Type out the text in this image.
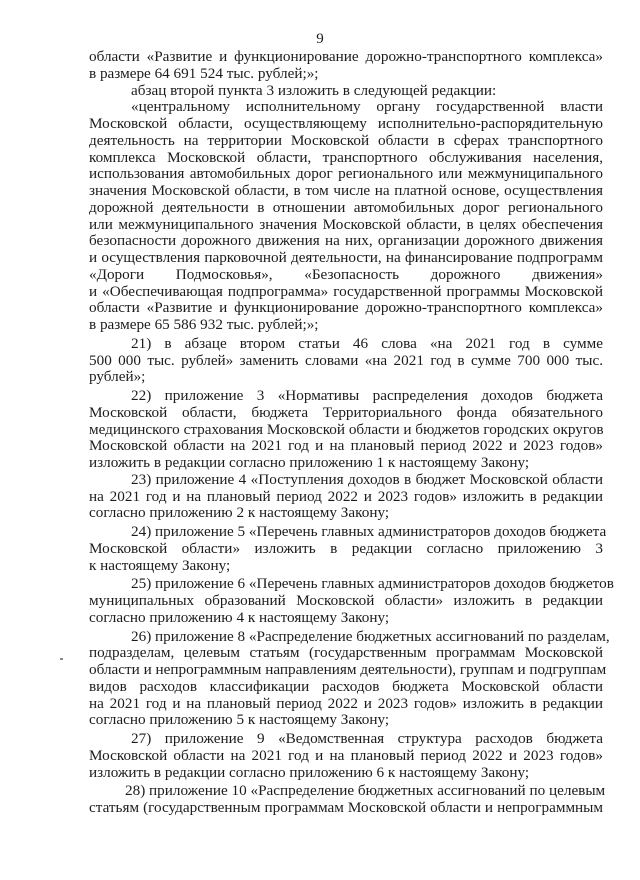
9
области «Развитие и функционирование дорожно-транспортного комплекса»
в размере 64 691 524 тыс. рублей;»;
абзац второй пункта 3 изложить в следующей редакции:
«центральному исполнительному органу государственной власти
Московской области, осуществляющему исполнительно-распорядительную
деятельность на территории Московской области в сферах транспортного
комплекса Московской области, транспортного обслуживания населения,
использования автомобильных дорог регионального или межмуниципального
значения Московской области, в том числе на платной основе, осуществления
дорожной деятельности в отношении автомобильных дорог регионального
или межмуниципального значения Московской области, в целях обеспечения
безопасности дорожного движения на них, организации дорожного движения
и осуществления парковочной деятельности, на финансирование подпрограмм
«Дороги Подмосковья», «Безопасность дорожного движения»
и «Обеспечивающая подпрограмма» государственной программы Московской
области «Развитие и функционирование дорожно-транспортного комплекса»
в размере 65 586 932 тыс. рублей;»;
21) в абзаце втором статьи 46 слова «на 2021 год в сумме
500 000 тыс. рублей» заменить словами «на 2021 год в сумме 700 000 тыс.
рублей»;
22) приложение 3 «Нормативы распределения доходов бюджета
Московской области, бюджета Территориального фонда обязательного
медицинского страхования Московской области и бюджетов городских округов
Московской области на 2021 год и на плановый период 2022 и 2023 годов»
изложить в редакции согласно приложению 1 к настоящему Закону;
23) приложение 4 «Поступления доходов в бюджет Московской области
на 2021 год и на плановый период 2022 и 2023 годов» изложить в редакции
согласно приложению 2 к настоящему Закону;
24) приложение 5 «Перечень главных администраторов доходов бюджета
Московской области» изложить в редакции согласно приложению 3
к настоящему Закону;
25) приложение 6 «Перечень главных администраторов доходов бюджетов
муниципальных образований Московской области» изложить в редакции
согласно приложению 4 к настоящему Закону;
26) приложение 8 «Распределение бюджетных ассигнований по разделам,
подразделам, целевым статьям (государственным программам Московской
области и непрограммным направлениям деятельности), группам и подгруппам
видов расходов классификации расходов бюджета Московской области
на 2021 год и на плановый период 2022 и 2023 годов» изложить в редакции
согласно приложению 5 к настоящему Закону;
27) приложение 9 «Ведомственная структура расходов бюджета
Московской области на 2021 год и на плановый период 2022 и 2023 годов»
изложить в редакции согласно приложению 6 к настоящему Закону;
28) приложение 10 «Распределение бюджетных ассигнований по целевым
статьям (государственным программам Московской области и непрограммным
